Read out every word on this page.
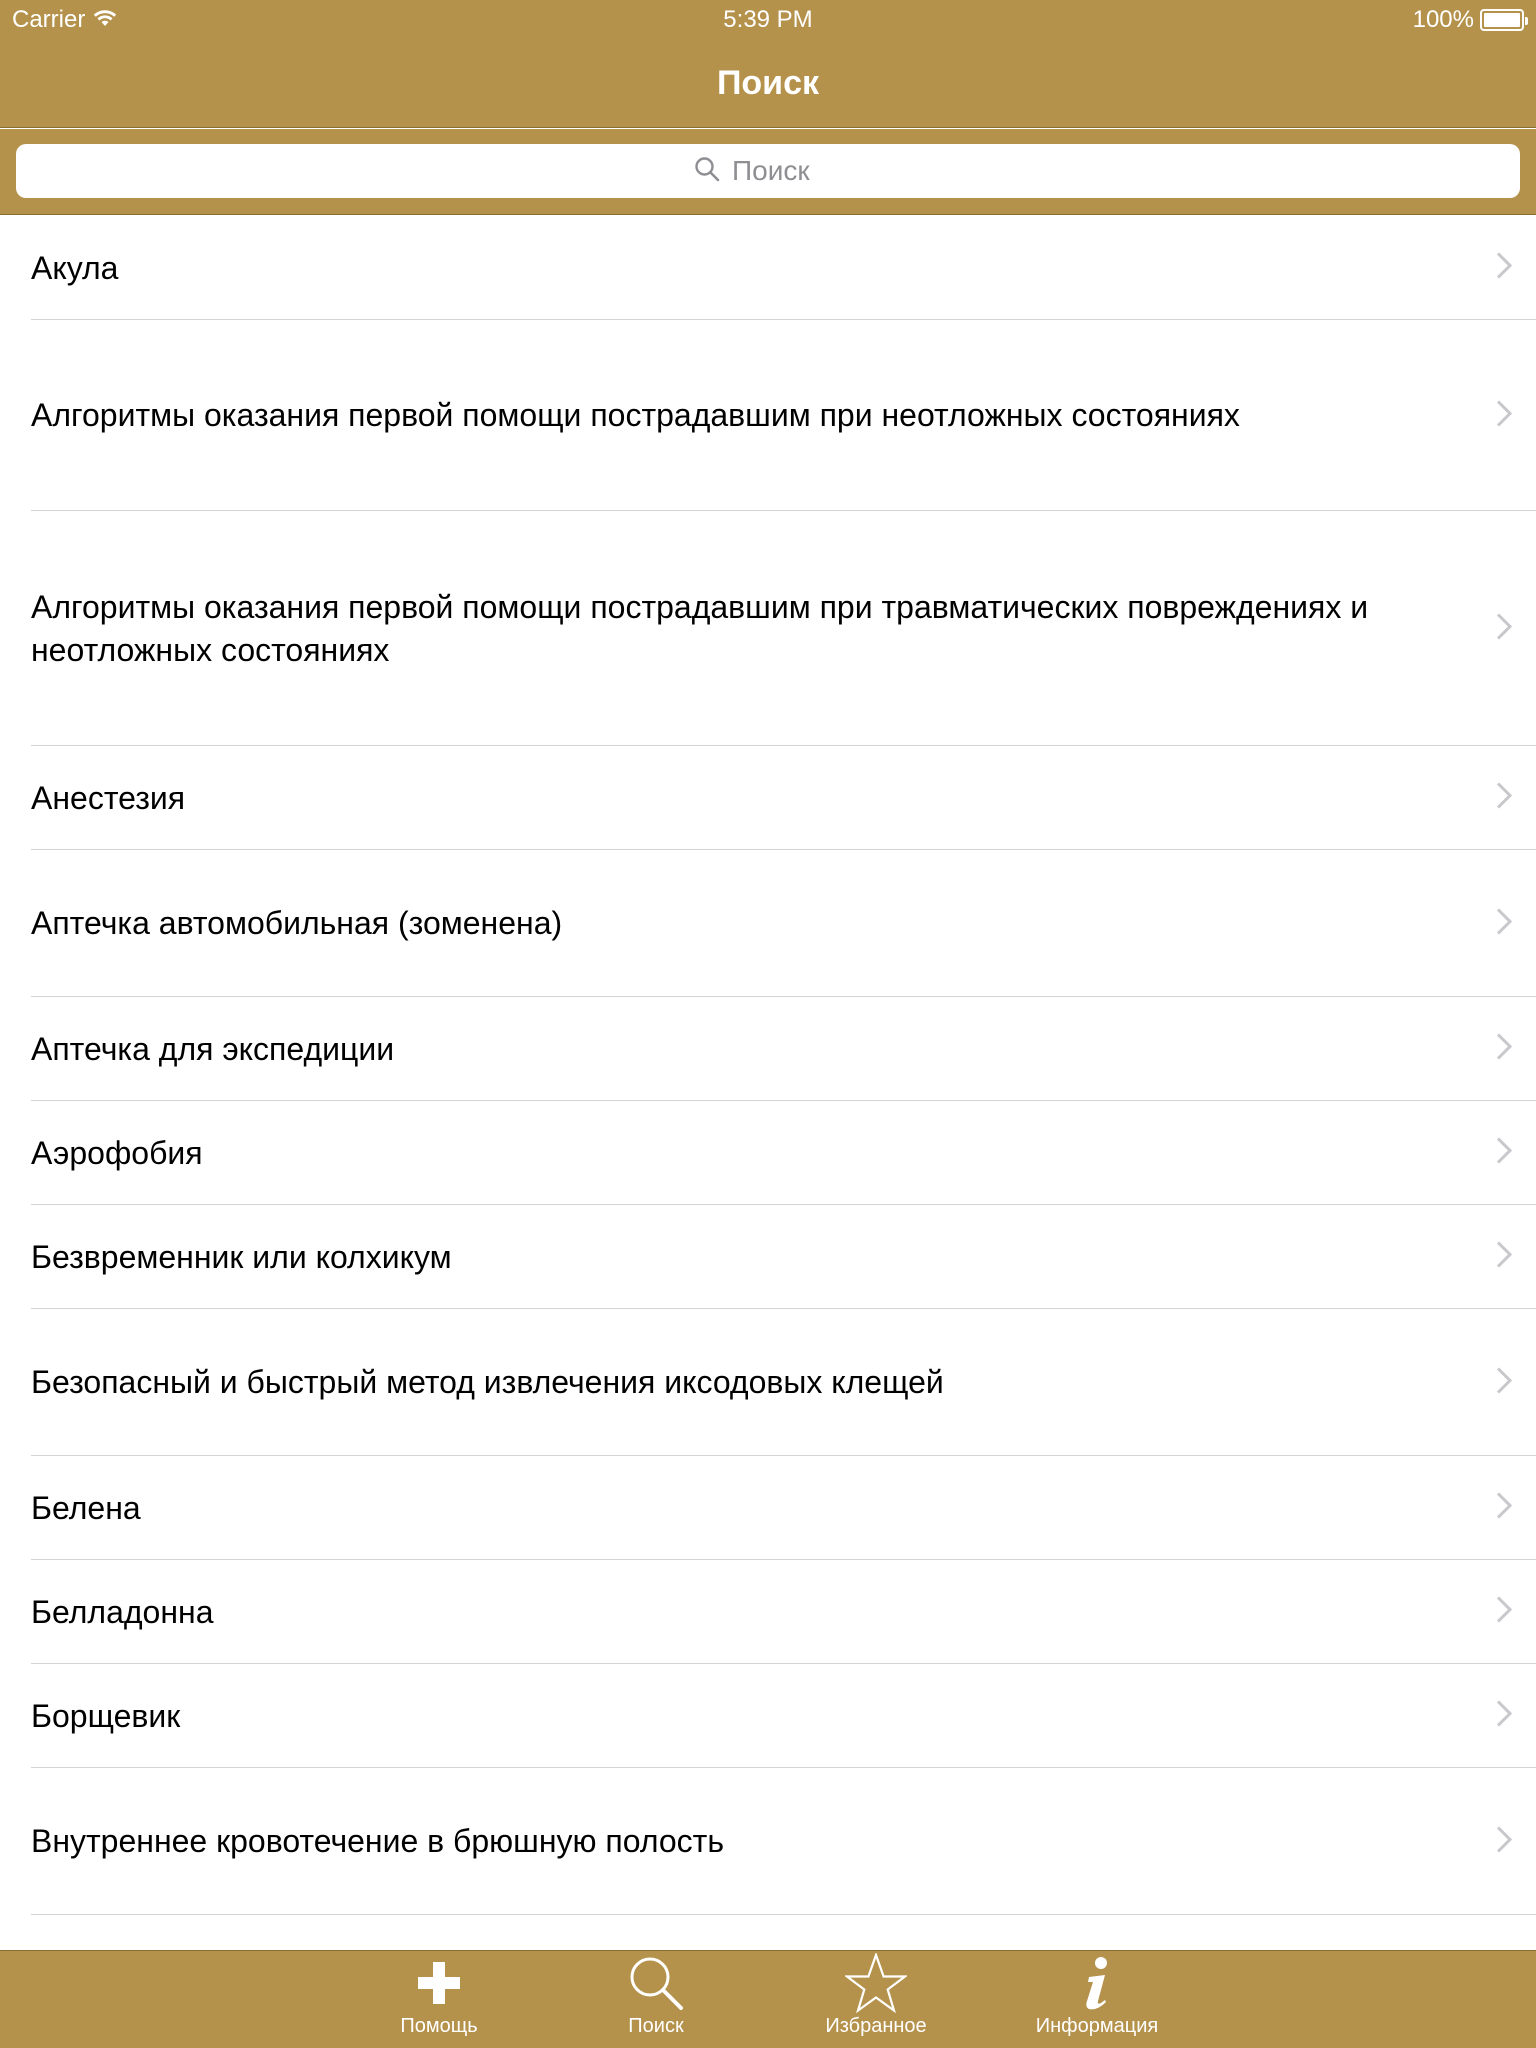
Carrier	5:39 PM	100%
Поиск
Поиск
Акула
Алгоритмы оказания первой помощи пострадавшим при неотложных состояниях
Алгоритмы оказания первой помощи пострадавшим при травматических повреждениях и неотложных состояниях
Анестезия
Аптечка автомобильная (зоменена)
Аптечка для экспедиции
Аэрофобия
Безвременник или колхикум
Безопасный и быстрый метод извлечения иксодовых клещей
Белена
Белладонна
Борщевик
Внутреннее кровотечение в брюшную полость
Помощь	Поиск	Избранное	Информация
